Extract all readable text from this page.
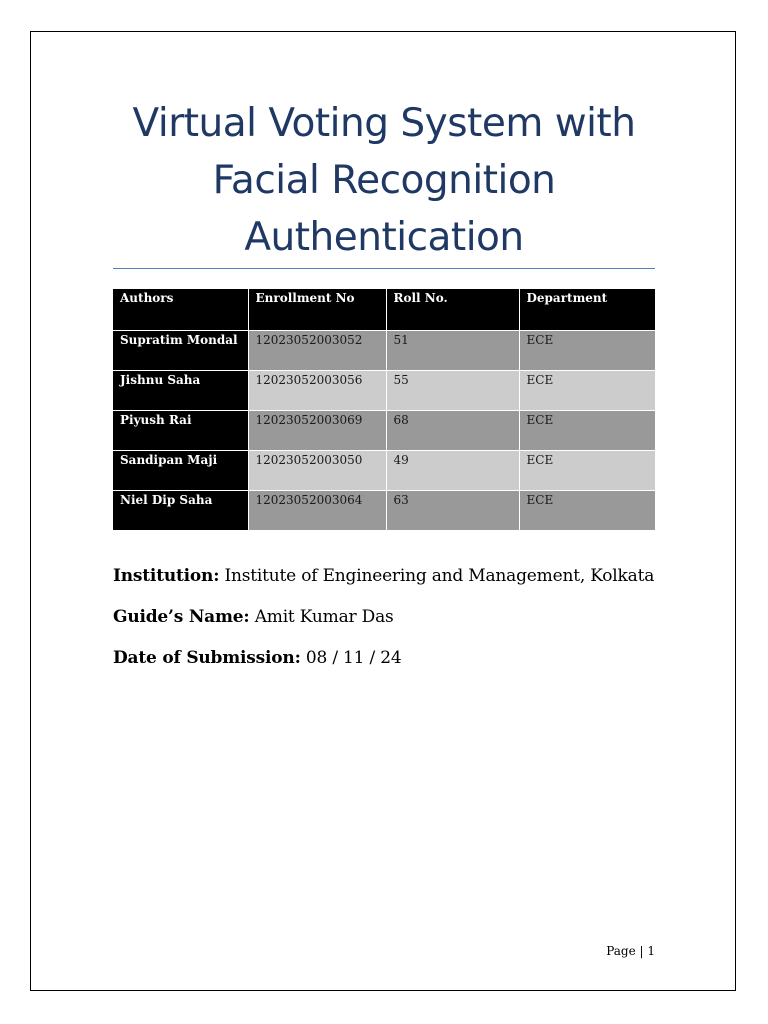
Virtual Voting System with
Facial Recognition
Authentication
Authors	Enrollment No	Roll No.	Department
Supratim Mondal	12023052003052	51	ECE
Jishnu Saha	12023052003056	55	ECE
Piyush Rai	12023052003069	68	ECE
Sandipan Maji	12023052003050	49	ECE
Niel Dip Saha	12023052003064	63	ECE
Institution: Institute of Engineering and Management, Kolkata
Guide’s Name: Amit Kumar Das
Date of Submission: 08 / 11 / 24
Page | 1
